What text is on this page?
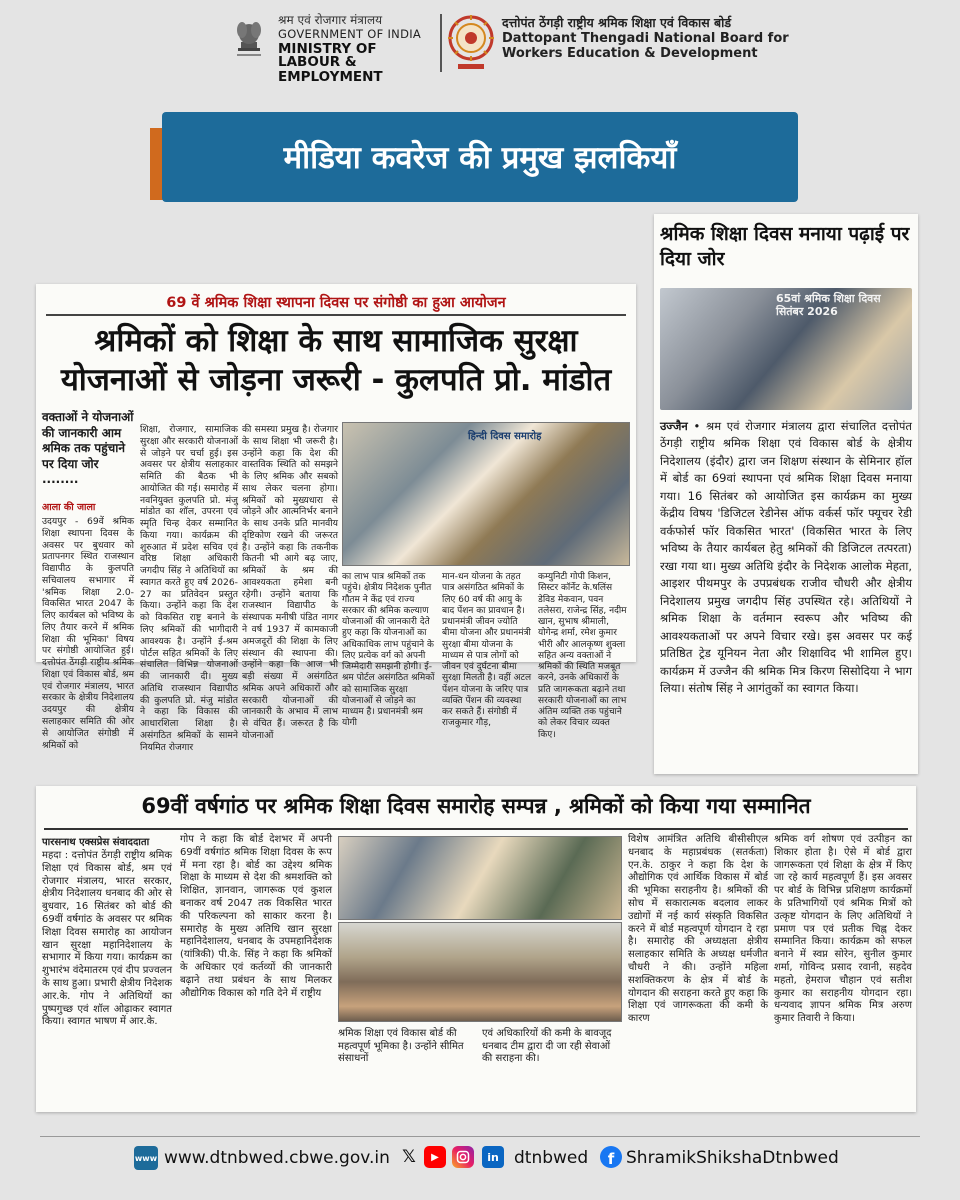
श्रम एवं रोजगार मंत्रालय
GOVERNMENT OF INDIA
MINISTRY OF LABOUR &
EMPLOYMENT
दत्तोपंत ठेंगड़ी राष्ट्रीय श्रमिक शिक्षा एवं विकास बोर्ड
Dattopant Thengadi National Board for Workers Education & Development
मीडिया कवरेज की प्रमुख झलकियाँ
69 वें श्रमिक शिक्षा स्थापना दिवस पर संगोष्ठी का हुआ आयोजन
श्रमिकों को शिक्षा के साथ सामाजिक सुरक्षा
योजनाओं से जोड़ना जरूरी - कुलपति प्रो. मांडोत
वक्ताओं ने योजनाओं की जानकारी आम श्रमिक तक पहुंचाने पर दिया जोर ........
आला की जाला
उदयपुर - 69वें श्रमिक शिक्षा स्थापना दिवस के अवसर पर बुधवार को प्रतापनगर स्थित राजस्थान विद्यापीठ के कुलपति सचिवालय सभागार में 'श्रमिक शिक्षा 2.0- विकसित भारत 2047 के लिए कार्यबल को भविष्य के लिए तैयार करने में श्रमिक शिक्षा की भूमिका' विषय पर संगोष्ठी आयोजित हुई। दत्तोपंत ठेंगड़ी राष्ट्रीय श्रमिक शिक्षा एवं विकास बोर्ड, श्रम एवं रोजगार मंत्रालय, भारत सरकार के क्षेत्रीय निदेशालय उदयपुर की क्षेत्रीय सलाहकार समिति की ओर से आयोजित संगोष्ठी में श्रमिकों को
शिक्षा, रोजगार, सामाजिक सुरक्षा और सरकारी योजनाओं से जोड़ने पर चर्चा हुई। इस अवसर पर क्षेत्रीय सलाहकार समिति की बैठक भी आयोजित की गई। समारोह में नवनियुक्त कुलपति प्रो. मंजु मांडोत का शॉल, उपरना एवं स्मृति चिन्ह देकर सम्मानित किया गया। कार्यक्रम की शुरुआत में प्रदेश सचिव एवं वरिष्ठ शिक्षा अधिकारी जगदीप सिंह ने अतिथियों का स्वागत करते हुए वर्ष 2026-27 का प्रतिवेदन प्रस्तुत किया। उन्होंने कहा कि देश को विकसित राष्ट्र बनाने के लिए श्रमिकों की भागीदारी आवश्यक है। उन्होंने ई-श्रम पोर्टल सहित श्रमिकों के लिए संचालित विभिन्न योजनाओं की जानकारी दी। मुख्य अतिथि राजस्थान विद्यापीठ की कुलपति प्रो. मंजु मांडोत ने कहा कि विकास की आधारशिला शिक्षा है। असंगठित श्रमिकों के सामने नियमित रोजगार
की समस्या प्रमुख है। रोजगार के साथ शिक्षा भी जरूरी है। उन्होंने कहा कि देश की वास्तविक स्थिति को समझने के लिए श्रमिक और सबको साथ लेकर चलना होगा। श्रमिकों को मुख्यधारा से जोड़ने और आत्मनिर्भर बनाने के साथ उनके प्रति मानवीय दृष्टिकोण रखने की जरूरत है। उन्होंने कहा कि तकनीक कितनी भी आगे बढ़ जाए, श्रमिकों के श्रम की आवश्यकता हमेशा बनी रहेगी। उन्होंने बताया कि राजस्थान विद्यापीठ के संस्थापक मनीषी पंडित नागर ने वर्ष 1937 में कामकाजी अमजदूरों की शिक्षा के लिए संस्थान की स्थापना की। उन्होंने कहा कि आज भी बड़ी संख्या में असंगठित श्रमिक अपने अधिकारों और सरकारी योजनाओं की जानकारी के अभाव में लाभ से वंचित हैं। जरूरत है कि योजनाओं
हिन्दी दिवस समारोह
का लाभ पात्र श्रमिकों तक पहुंचे। क्षेत्रीय निदेशक पुनीत गौतम ने केंद्र एवं राज्य सरकार की श्रमिक कल्याण योजनाओं की जानकारी देते हुए कहा कि योजनाओं का अधिकाधिक लाभ पहुंचाने के लिए प्रत्येक वर्ग को अपनी जिम्मेदारी समझनी होगी। ई-श्रम पोर्टल असंगठित श्रमिकों को सामाजिक सुरक्षा योजनाओं से जोड़ने का माध्यम है। प्रधानमंत्री श्रम योगी
मान-धन योजना के तहत पात्र असंगठित श्रमिकों के लिए 60 वर्ष की आयु के बाद पेंशन का प्रावधान है। प्रधानमंत्री जीवन ज्योति बीमा योजना और प्रधानमंत्री सुरक्षा बीमा योजना के माध्यम से पात्र लोगों को जीवन एवं दुर्घटना बीमा सुरक्षा मिलती है। वहीं अटल पेंशन योजना के जरिए पात्र व्यक्ति पेंशन की व्यवस्था कर सकते हैं। संगोष्ठी में राजकुमार गौड़,
कम्युनिटी गोपी किशन, सिस्टर कॉर्नेट के.षलिंस डेविड मेकवान, पवन तलेसरा, राजेन्द्र सिंह, नदीम खान, सुभाष श्रीमाली, योगेन्द्र शर्मा, रमेश कुमार भीरी और आलकृष्ण शुक्ला सहित अन्य वक्ताओं ने श्रमिकों की स्थिति मजबूत करने, उनके अधिकारों के प्रति जागरूकता बढ़ाने तथा सरकारी योजनाओं का लाभ अंतिम व्यक्ति तक पहुंचाने को लेकर विचार व्यक्त किए।
श्रमिक शिक्षा दिवस मनाया पढ़ाई पर दिया जोर
65वां श्रमिक शिक्षा दिवस सितंबर 2026
उज्जैन • श्रम एवं रोजगार मंत्रालय द्वारा संचालित दत्तोपंत ठेंगड़ी राष्ट्रीय श्रमिक शिक्षा एवं विकास बोर्ड के क्षेत्रीय निदेशालय (इंदौर) द्वारा जन शिक्षण संस्थान के सेमिनार हॉल में बोर्ड का 69वां स्थापना एवं श्रमिक शिक्षा दिवस मनाया गया। 16 सितंबर को आयोजित इस कार्यक्रम का मुख्य केंद्रीय विषय 'डिजिटल रेडीनेस ऑफ वर्कर्स फॉर फ्यूचर रेडी वर्कफोर्स फॉर विकसित भारत' (विकसित भारत के लिए भविष्य के तैयार कार्यबल हेतु श्रमिकों की डिजिटल तत्परता) रखा गया था। मुख्य अतिथि इंदौर के निदेशक आलोक मेहता, आइशर पीथमपुर के उपप्रबंधक राजीव चौधरी और क्षेत्रीय निदेशालय प्रमुख जगदीप सिंह उपस्थित रहे। अतिथियों ने श्रमिक शिक्षा के वर्तमान स्वरूप और भविष्य की आवश्यकताओं पर अपने विचार रखे। इस अवसर पर कई प्रतिष्ठित ट्रेड यूनियन नेता और शिक्षाविद भी शामिल हुए। कार्यक्रम में उज्जैन की श्रमिक मित्र किरण सिसोदिया ने भाग लिया। संतोष सिंह ने आगंतुकों का स्वागत किया।
69वीं वर्षगांठ पर श्रमिक शिक्षा दिवस समारोह सम्पन्न , श्रमिकों को किया गया सम्मानित
पारसनाथ एक्सप्रेस संवाददाता
महदा : दत्तोपंत ठेंगड़ी राष्ट्रीय श्रमिक शिक्षा एवं विकास बोर्ड, श्रम एवं रोजगार मंत्रालय, भारत सरकार, क्षेत्रीय निदेशालय धनबाद की ओर से बुधवार, 16 सितंबर को बोर्ड की 69वीं वर्षगांठ के अवसर पर श्रमिक शिक्षा दिवस समारोह का आयोजन खान सुरक्षा महानिदेशालय के सभागार में किया गया। कार्यक्रम का शुभारंभ वंदेमातरम एवं दीप प्रज्वलन के साथ हुआ। प्रभारी क्षेत्रीय निदेशक आर.के. गोप ने अतिथियों का पुष्पगुच्छ एवं शॉल ओढ़ाकर स्वागत किया। स्वागत भाषण में आर.के.
गोप ने कहा कि बोर्ड देशभर में अपनी 69वीं वर्षगांठ श्रमिक शिक्षा दिवस के रूप में मना रहा है। बोर्ड का उद्देश्य श्रमिक शिक्षा के माध्यम से देश की श्रमशक्ति को शिक्षित, ज्ञानवान, जागरूक एवं कुशल बनाकर वर्ष 2047 तक विकसित भारत की परिकल्पना को साकार करना है। समारोह के मुख्य अतिथि खान सुरक्षा महानिदेशालय, धनबाद के उपमहानिदेशक (यांत्रिकी) पी.के. सिंह ने कहा कि श्रमिकों के अधिकार एवं कर्तव्यों की जानकारी बढ़ाने तथा प्रबंधन के साथ मिलकर औद्योगिक विकास को गति देने में राष्ट्रीय
श्रमिक शिक्षा एवं विकास बोर्ड की महत्वपूर्ण भूमिका है। उन्होंने सीमित संसाधनों
एवं अधिकारियों की कमी के बावजूद धनबाद टीम द्वारा दी जा रही सेवाओं की सराहना की।
विशेष आमंत्रित अतिथि बीसीसीएल धनबाद के महाप्रबंधक (सतर्कता) एन.के. ठाकुर ने कहा कि देश के औद्योगिक एवं आर्थिक विकास में बोर्ड की भूमिका सराहनीय है। श्रमिकों की सोच में सकारात्मक बदलाव लाकर उद्योगों में नई कार्य संस्कृति विकसित करने में बोर्ड महत्वपूर्ण योगदान दे रहा है। समारोह की अध्यक्षता क्षेत्रीय सलाहकार समिति के अध्यक्ष धर्मजीत चौधरी ने की। उन्होंने महिला सशक्तिकरण के क्षेत्र में बोर्ड के योगदान की सराहना करते हुए कहा कि शिक्षा एवं जागरूकता की कमी के कारण
श्रमिक वर्ग शोषण एवं उत्पीड़न का शिकार होता है। ऐसे में बोर्ड द्वारा जागरूकता एवं शिक्षा के क्षेत्र में किए जा रहे कार्य महत्वपूर्ण हैं। इस अवसर पर बोर्ड के विभिन्न प्रशिक्षण कार्यक्रमों के प्रतिभागियों एवं श्रमिक मित्रों को उत्कृष्ट योगदान के लिए अतिथियों ने प्रमाण पत्र एवं प्रतीक चिह्न देकर सम्मानित किया। कार्यक्रम को सफल बनाने में स्वप्न सोरेन, सुनील कुमार शर्मा, गोविन्द प्रसाद रवानी, सहदेव महतो, हेमराज चौहान एवं सतीश कुमार का सराहनीय योगदान रहा। धन्यवाद ज्ञापन श्रमिक मित्र अरुण कुमार तिवारी ने किया।
www www.dtnbwed.cbwe.gov.in 𝕏	▶	in dtnbwed	f ShramikShikshaDtnbwed
